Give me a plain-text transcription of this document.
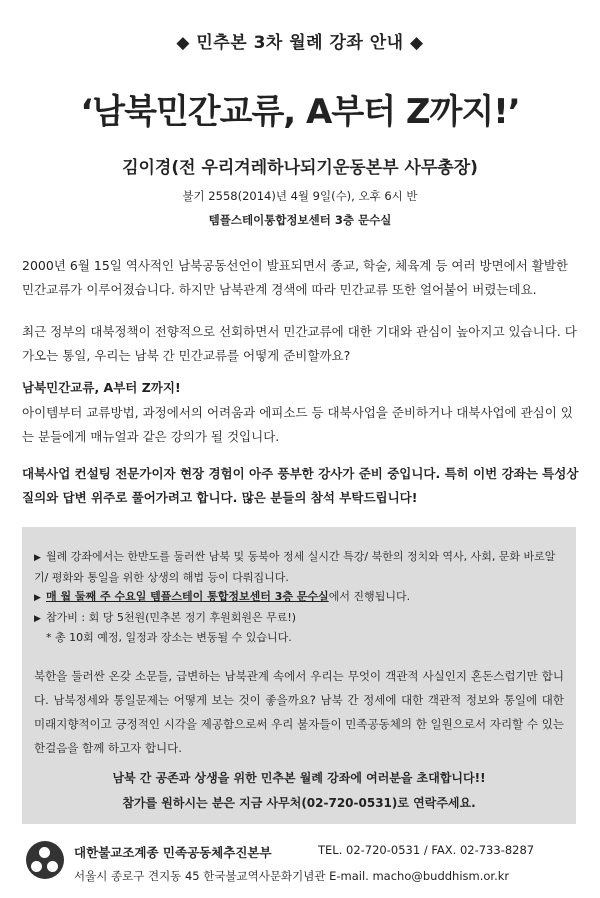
◆ 민추본 3차 월례 강좌 안내 ◆
‘남북민간교류, A부터 Z까지!’
김이경(전 우리겨레하나되기운동본부 사무총장)
불기 2558(2014)년 4월 9일(수), 오후 6시 반
템플스테이통합정보센터 3층 문수실

2000년 6월 15일 역사적인 남북공동선언이 발표되면서 종교, 학술, 체육계 등 여러 방면에서 활발한 민간교류가 이루어졌습니다. 하지만 남북관계 경색에 따라 민간교류 또한 얼어붙어 버렸는데요.

최근 정부의 대북정책이 전향적으로 선회하면서 민간교류에 대한 기대와 관심이 높아지고 있습니다. 다가오는 통일, 우리는 남북 간 민간교류를 어떻게 준비할까요?

남북민간교류, A부터 Z까지!

아이템부터 교류방법, 과정에서의 어려움과 에피소드 등 대북사업을 준비하거나 대북사업에 관심이 있는 분들에게 매뉴얼과 같은 강의가 될 것입니다.

대북사업 컨설팅 전문가이자 현장 경험이 아주 풍부한 강사가 준비 중입니다. 특히 이번 강좌는 특성상 질의와 답변 위주로 풀어가려고 합니다. 많은 분들의 참석 부탁드립니다!

▶ 월례 강좌에서는 한반도를 둘러싼 남북 및 동북아 정세 실시간 특강/ 북한의 정치와 역사, 사회, 문화 바로알기/ 평화와 통일을 위한 상생의 해법 등이 다뤄집니다.
▶ 매 월 둘째 주 수요일 템플스테이 통합정보센터 3층 문수실에서 진행됩니다.
▶ 참가비 : 회 당 5천원(민추본 정기 후원회원은 무료!)
* 총 10회 예정, 일정과 장소는 변동될 수 있습니다.
북한을 둘러싼 온갖 소문들, 급변하는 남북관계 속에서 우리는 무엇이 객관적 사실인지 혼돈스럽기만 합니다. 남북정세와 통일문제는 어떻게 보는 것이 좋을까요? 남북 간 정세에 대한 객관적 정보와 통일에 대한 미래지향적이고 긍정적인 시각을 제공함으로써 우리 불자들이 민족공동체의 한 일원으로서 자리할 수 있는 한걸음을 함께 하고자 합니다.
남북 간 공존과 상생을 위한 민추본 월례 강좌에 여러분을 초대합니다!!
참가를 원하시는 분은 지금 사무처(02-720-0531)로 연락주세요.
대한불교조계종 민족공동체추진본부	TEL. 02-720-0531 / FAX. 02-733-8287
서울시 종로구 견지동 45 한국불교역사문화기념관 E-mail. macho@buddhism.or.kr
